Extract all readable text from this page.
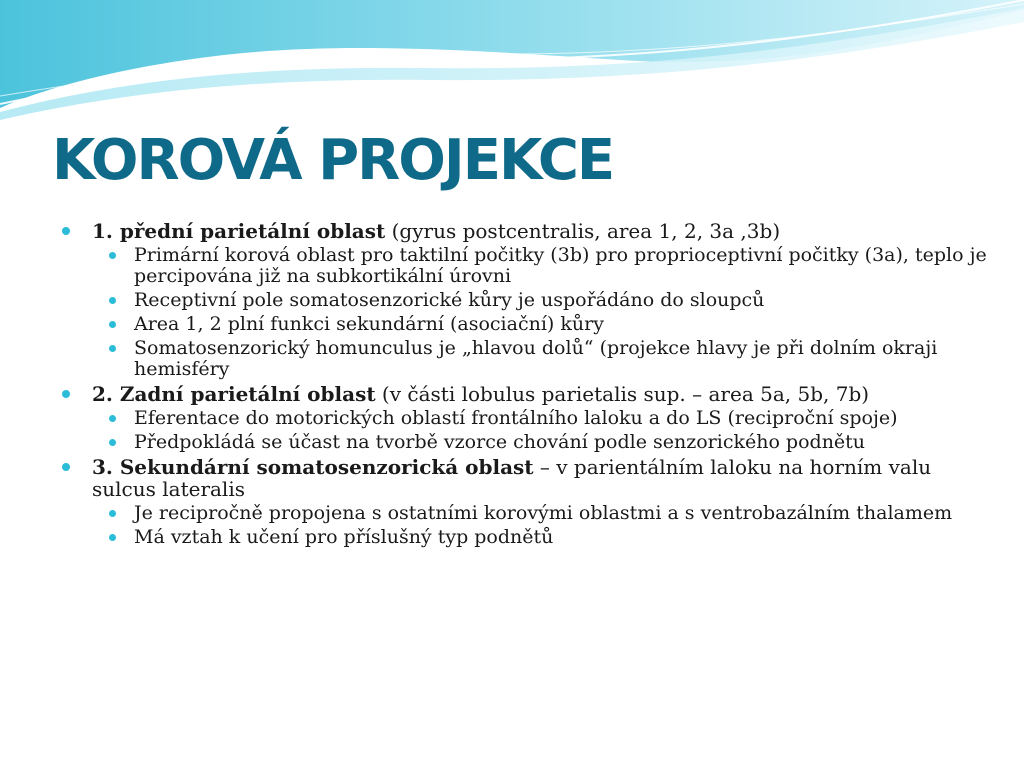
KOROVÁ PROJEKCE
1. přední parietální oblast (gyrus postcentralis, area 1, 2, 3a ,3b)
Primární korová oblast pro taktilní počitky (3b) pro proprioceptivní počitky (3a), teplo je percipována již na subkortikální úrovni
Receptivní pole somatosenzorické kůry je uspořádáno do sloupců
Area 1, 2 plní funkci sekundární (asociační) kůry
Somatosenzorický homunculus je „hlavou dolů“ (projekce hlavy je při dolním okraji hemisféry
2. Zadní parietální oblast (v části lobulus parietalis sup. – area 5a, 5b, 7b)
Eferentace do motorických oblastí frontálního laloku a do LS (reciproční spoje)
Předpokládá se účast na tvorbě vzorce chování podle senzorického podnětu
3. Sekundární somatosenzorická oblast – v parientálním laloku na horním valu sulcus lateralis
Je recipročně propojena s ostatními korovými oblastmi a s ventrobazálním thalamem
Má vztah k učení pro příslušný typ podnětů
